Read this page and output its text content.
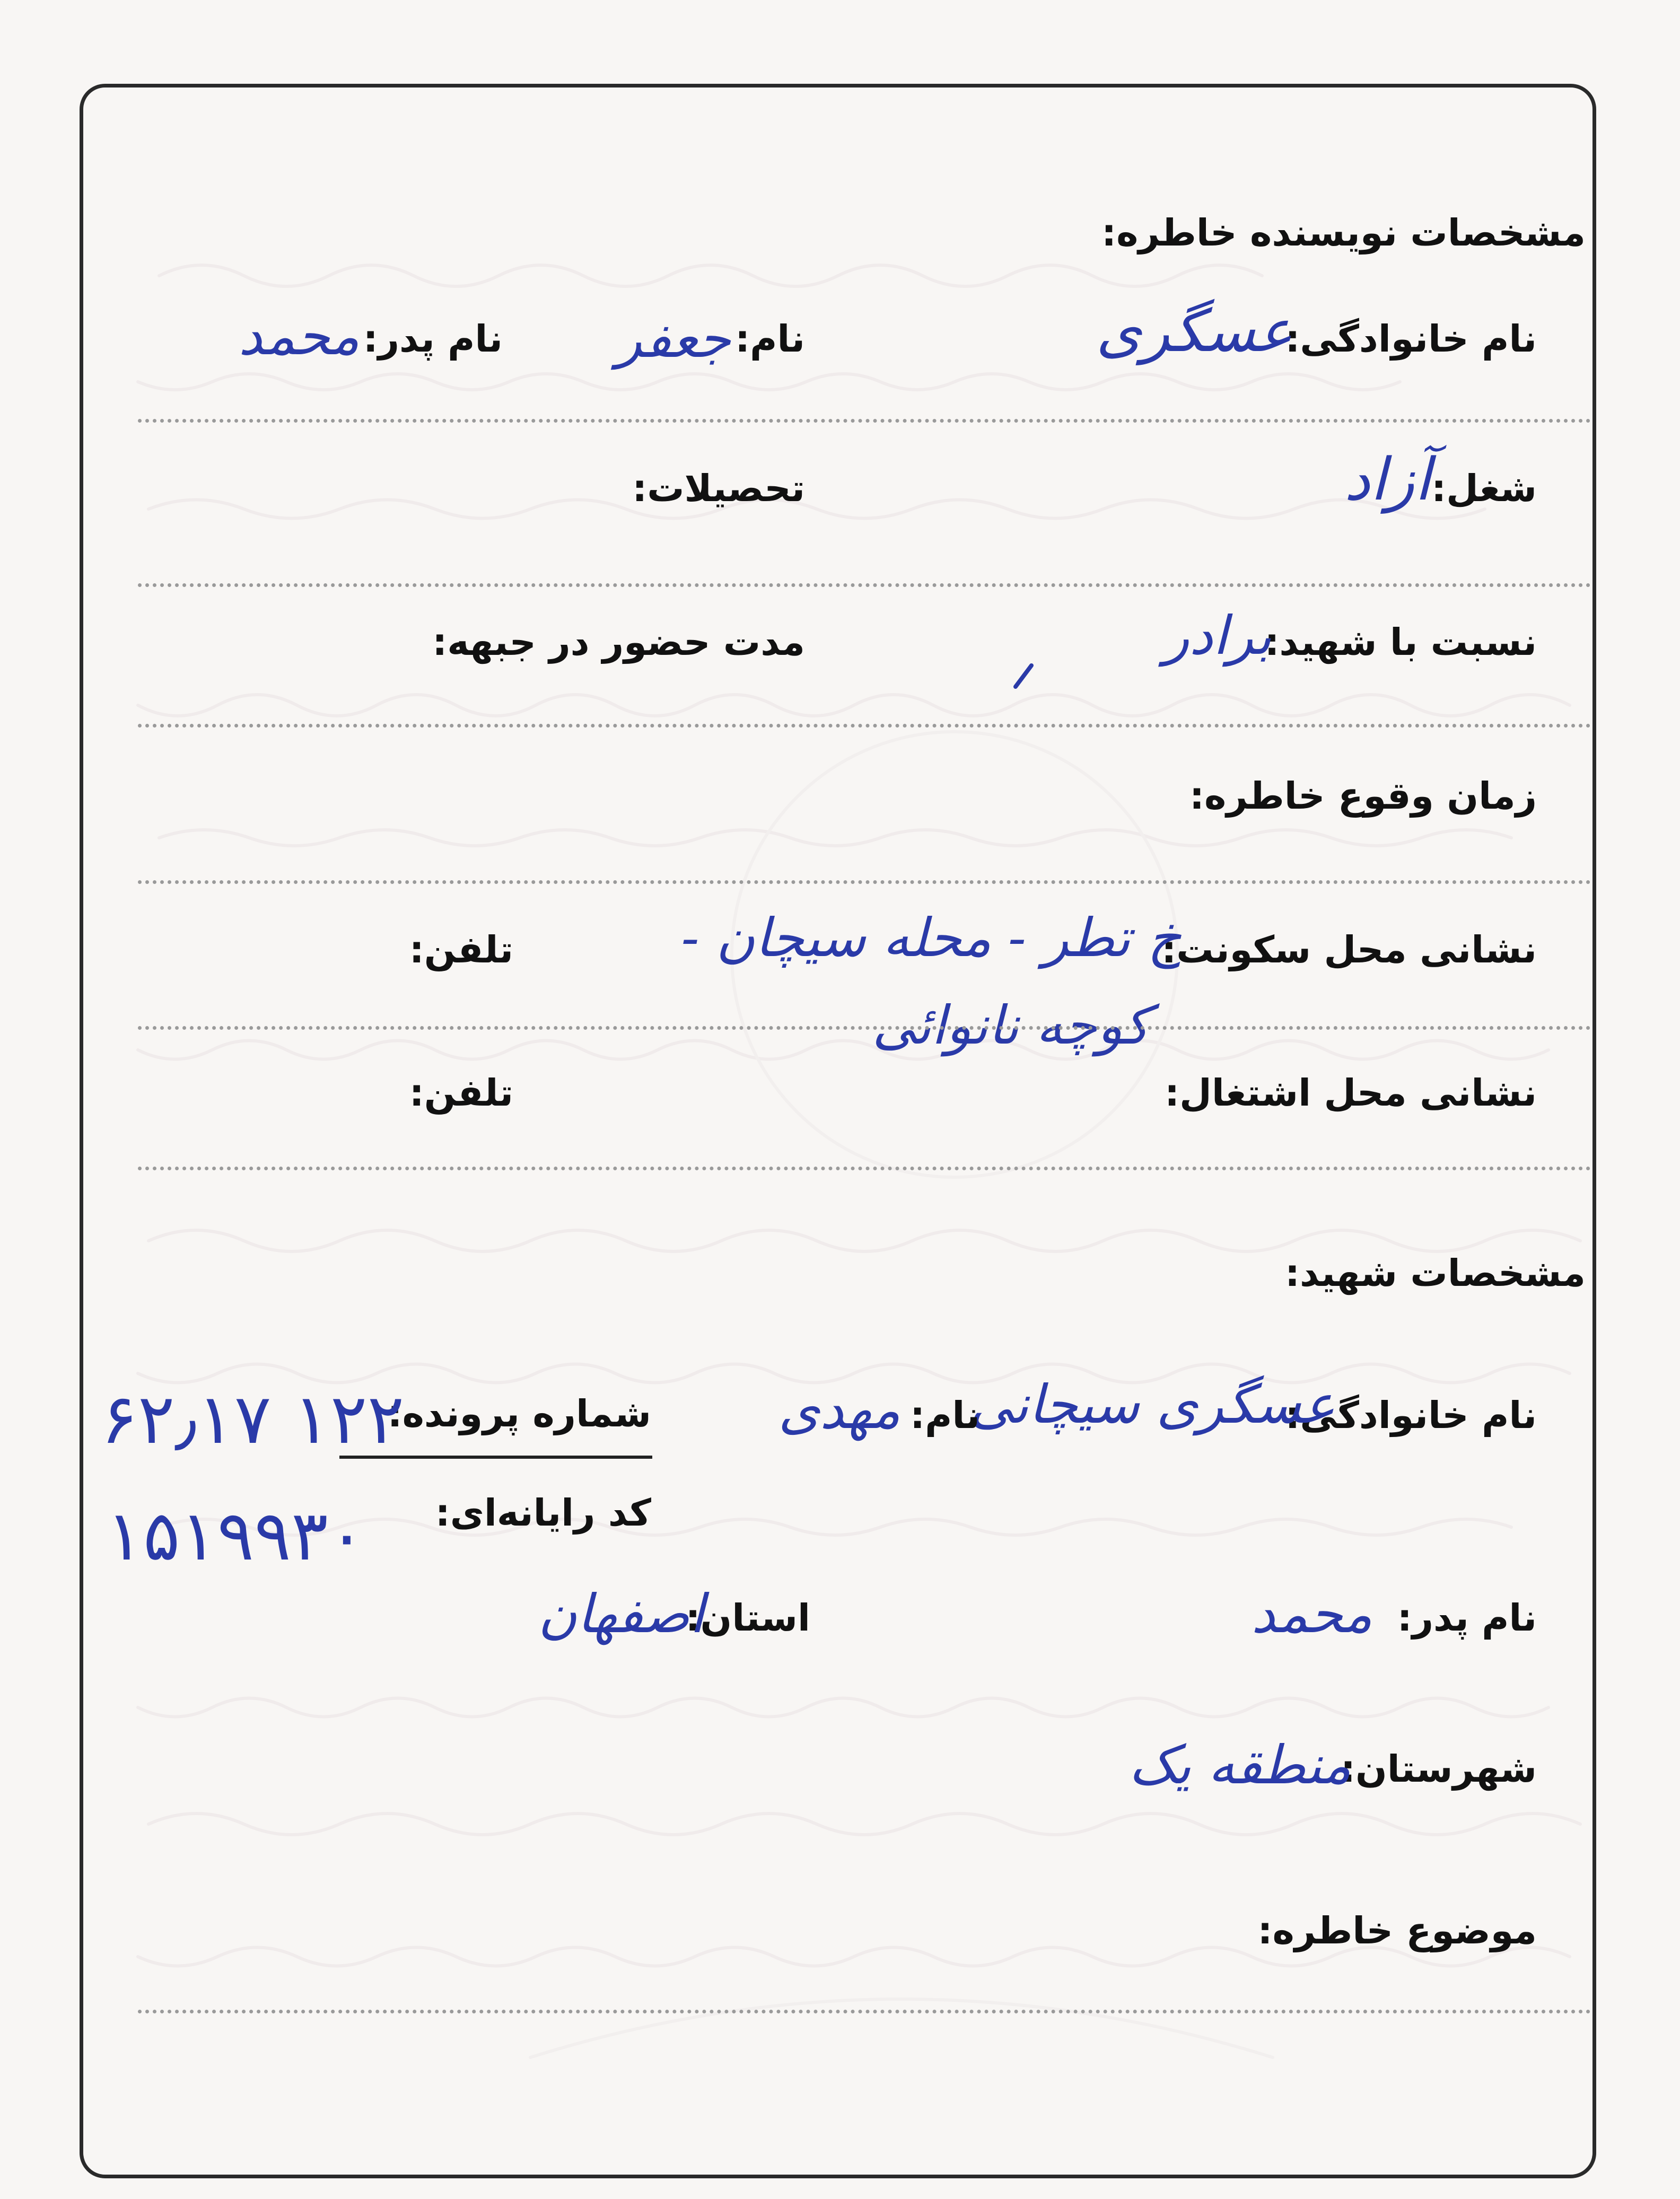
مشخصات نویسنده خاطره:
نام خانوادگی:
عسگری
نام:
جعفر
نام پدر:
محمد
شغل:
آزاد
تحصیلات:
نسبت با شهید:
برادر
مدت حضور در جبهه:
زمان وقوع خاطره:
نشانی محل سکونت:
خ تطر - محله سیچان -
تلفن:
کوچه نانوائی
نشانی محل اشتغال:
تلفن:
مشخصات شهید:
نام خانوادگی:
عسگری سیچانی
نام:
مهدی
شماره پرونده:
۶۲٫۱۷ ۱۲۲
کد رایانه‌ای:
۱۵۱۹۹۳۰
نام پدر:
محمد
استان:
اصفهان
شهرستان:
منطقه یک
موضوع خاطره:
